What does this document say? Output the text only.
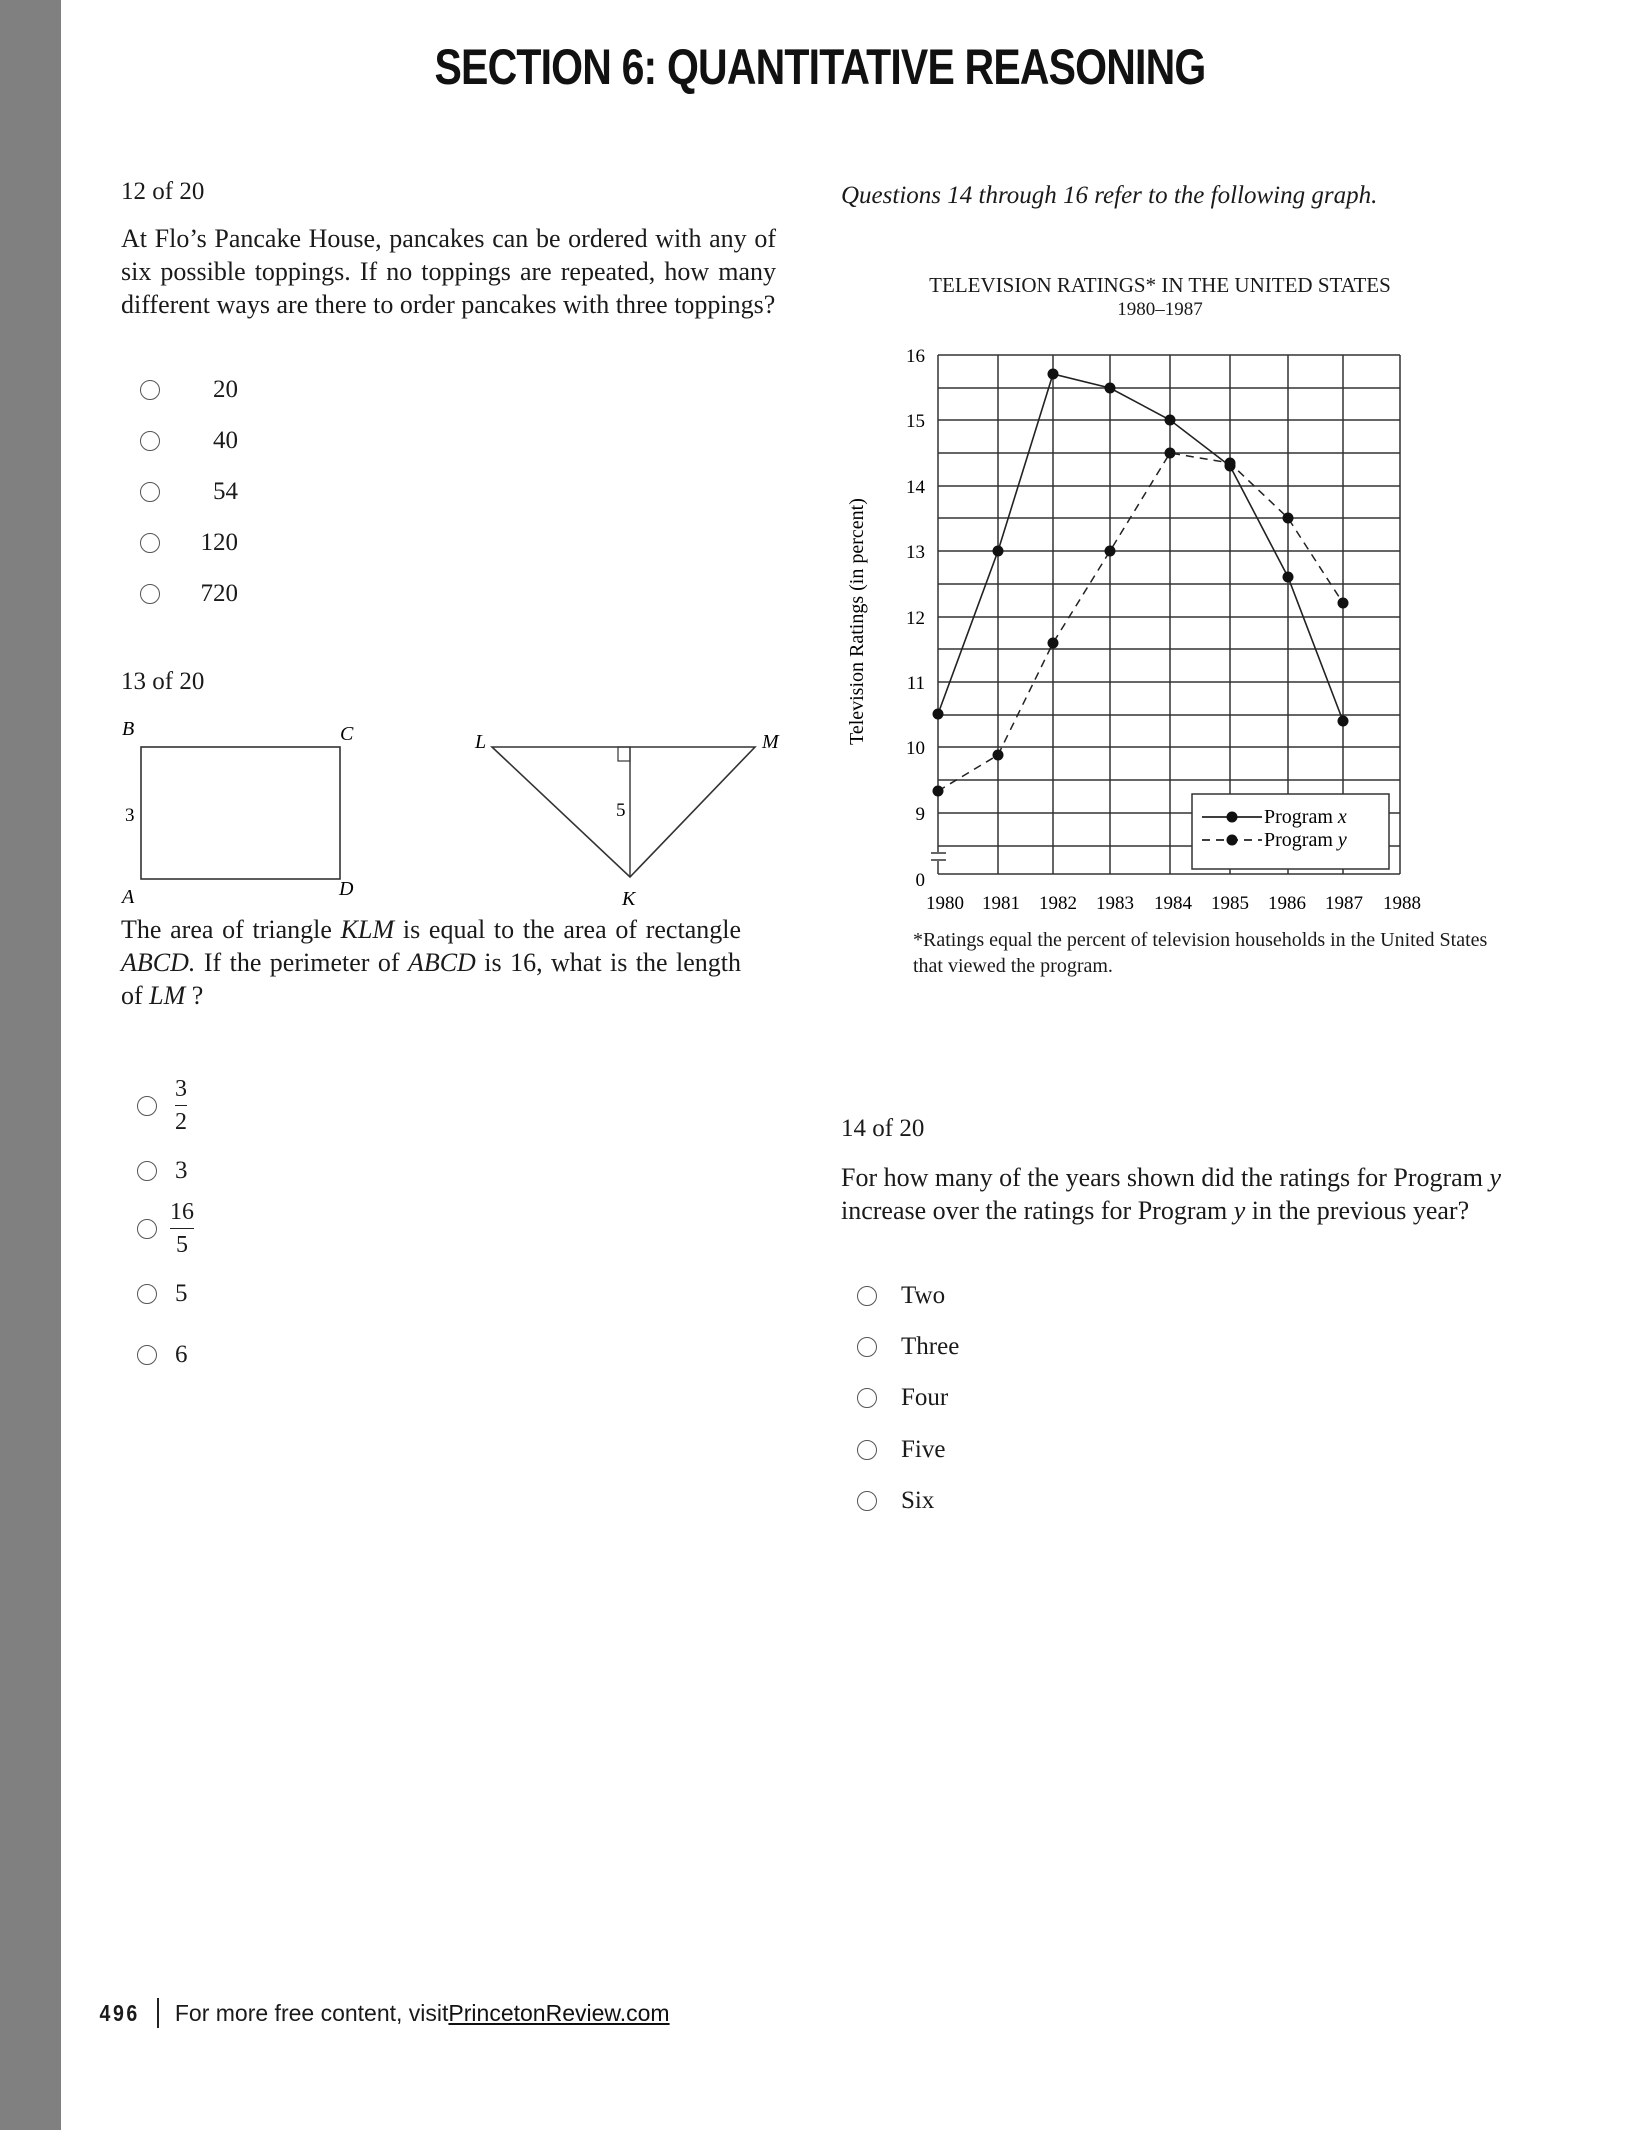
SECTION 6: QUANTITATIVE REASONING
12 of 20
At Flo’s Pancake House, pancakes can be ordered with any of six possible toppings. If no toppings are repeated, how many different ways are there to order pancakes with three toppings?
20
40
54
120
720
13 of 20
B	C
A	D
3
L	M
K
5
The area of triangle KLM is equal to the area of rectangle ABCD. If the perimeter of ABCD is 16, what is the length of LM ?
$\frac{3}{2}$
3
$\frac{16}{5}$
5
6
Questions 14 through 16 refer to the following graph.
TELEVISION RATINGS* IN THE UNITED STATES
1980–1987
Television Ratings (in percent)
16
15
14
13
12
11
10
9
0
1980 1981 1982 1983 1984 1985 1986 1987 1988
Program x
Program y
*Ratings equal the percent of television households in the United States that viewed the program.
14 of 20
For how many of the years shown did the ratings for Program y increase over the ratings for Program y in the previous year?
Two
Three
Four
Five
Six
496 For more free content, visit PrincetonReview.com
